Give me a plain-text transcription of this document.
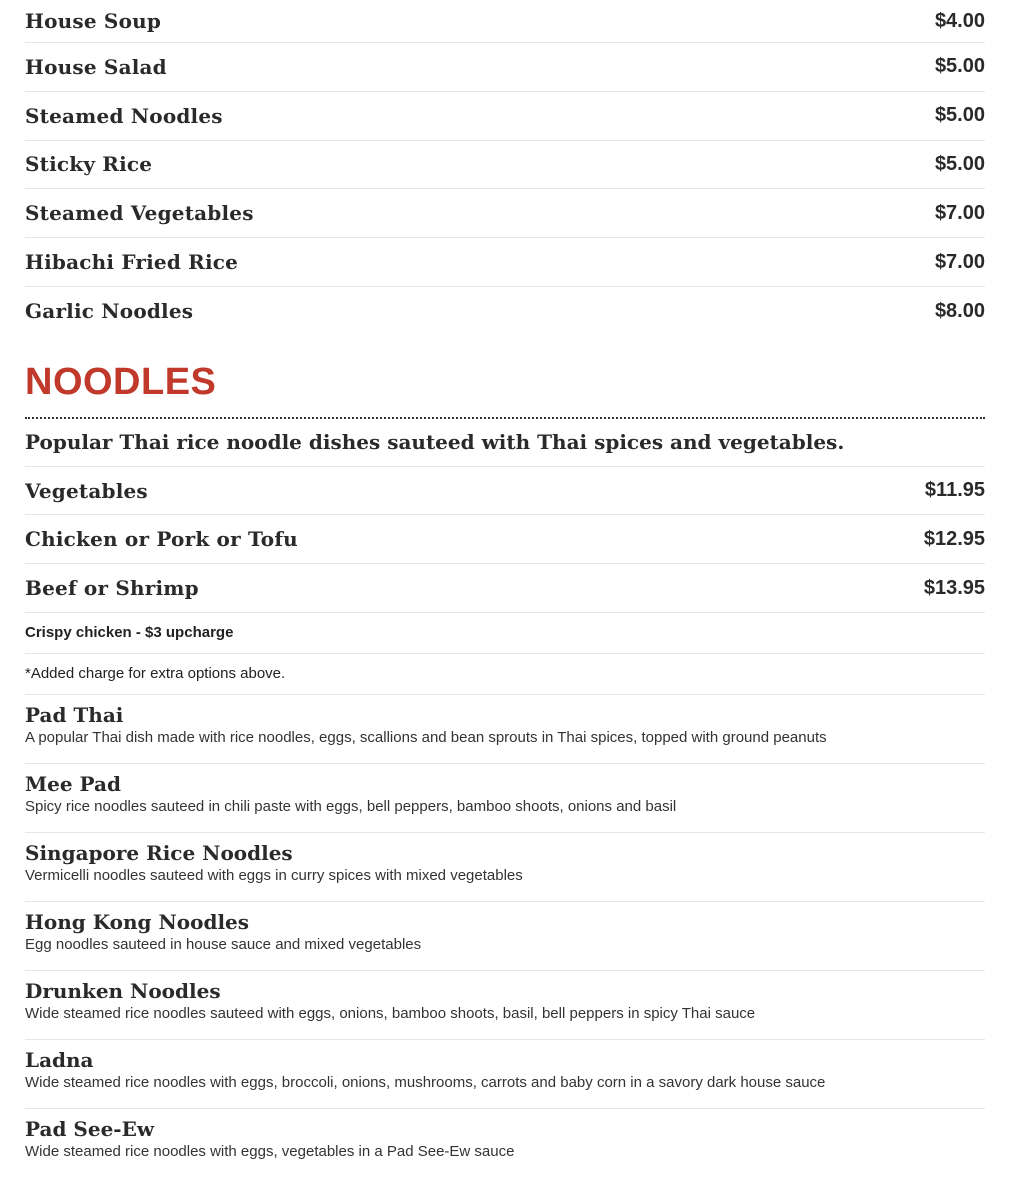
House Soup	$4.00
House Salad	$5.00
Steamed Noodles	$5.00
Sticky Rice	$5.00
Steamed Vegetables	$7.00
Hibachi Fried Rice	$7.00
Garlic Noodles	$8.00
NOODLES
Popular Thai rice noodle dishes sauteed with Thai spices and vegetables.
Vegetables	$11.95
Chicken or Pork or Tofu	$12.95
Beef or Shrimp	$13.95
Crispy chicken - $3 upcharge
*Added charge for extra options above.
Pad Thai
A popular Thai dish made with rice noodles, eggs, scallions and bean sprouts in Thai spices, topped with ground peanuts
Mee Pad
Spicy rice noodles sauteed in chili paste with eggs, bell peppers, bamboo shoots, onions and basil
Singapore Rice Noodles
Vermicelli noodles sauteed with eggs in curry spices with mixed vegetables
Hong Kong Noodles
Egg noodles sauteed in house sauce and mixed vegetables
Drunken Noodles
Wide steamed rice noodles sauteed with eggs, onions, bamboo shoots, basil, bell peppers in spicy Thai sauce
Ladna
Wide steamed rice noodles with eggs, broccoli, onions, mushrooms, carrots and baby corn in a savory dark house sauce
Pad See-Ew
Wide steamed rice noodles with eggs, vegetables in a Pad See-Ew sauce
